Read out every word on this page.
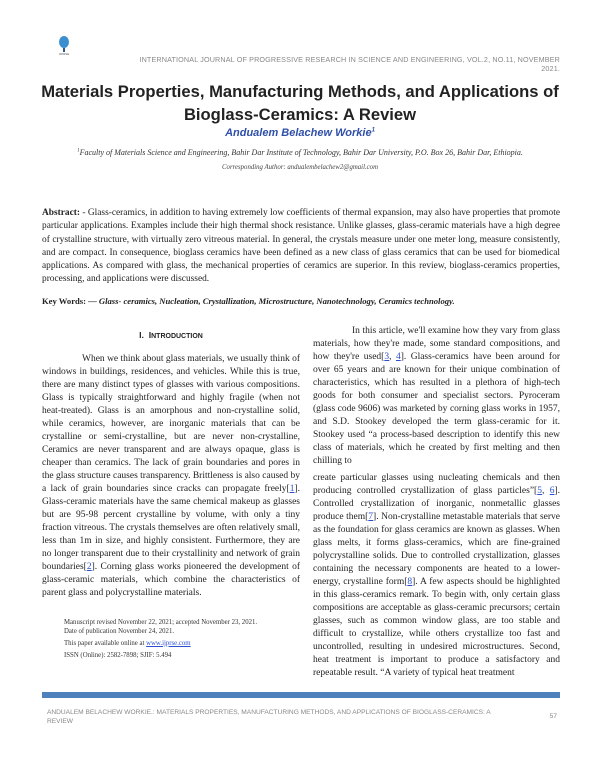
IJPRSE
INTERNATIONAL JOURNAL OF PROGRESSIVE RESEARCH IN SCIENCE AND ENGINEERING, VOL.2, NO.11, NOVEMBER 2021.
Materials Properties, Manufacturing Methods, and Applications of Bioglass-Ceramics: A Review
Andualem Belachew Workie$^1$
$^1$Faculty of Materials Science and Engineering, Bahir Dar Institute of Technology, Bahir Dar University, P.O. Box 26, Bahir Dar, Ethiopia.
Corresponding Author: andualembelachew2@gmail.com

Abstract: - Glass-ceramics, in addition to having extremely low coefficients of thermal expansion, may also have properties that promote particular applications. Examples include their high thermal shock resistance. Unlike glasses, glass-ceramic materials have a high degree of crystalline structure, with virtually zero vitreous material. In general, the crystals measure under one meter long, measure consistently, and are compact. In consequence, bioglass ceramics have been defined as a new class of glass ceramics that can be used for biomedical applications. As compared with glass, the mechanical properties of ceramics are superior. In this review, bioglass-ceramics properties, processing, and applications were discussed.

Key Words: — Glass- ceramics, Nucleation, Crystallization, Microstructure, Nanotechnology, Ceramics technology.

I. INTRODUCTION

When we think about glass materials, we usually think of windows in buildings, residences, and vehicles. While this is true, there are many distinct types of glasses with various compositions. Glass is typically straightforward and highly fragile (when not heat-treated). Glass is an amorphous and non-crystalline solid, while ceramics, however, are inorganic materials that can be crystalline or semi-crystalline, but are never non-crystalline, Ceramics are never transparent and are always opaque, glass is cheaper than ceramics. The lack of grain boundaries and pores in the glass structure causes transparency. Brittleness is also caused by a lack of grain boundaries since cracks can propagate freely[1]. Glass-ceramic materials have the same chemical makeup as glasses but are 95-98 percent crystalline by volume, with only a tiny fraction vitreous. The crystals themselves are often relatively small, less than 1m in size, and highly consistent. Furthermore, they are no longer transparent due to their crystallinity and network of grain boundaries[2]. Corning glass works pioneered the development of glass-ceramic materials, which combine the characteristics of parent glass and polycrystalline materials.

Manuscript revised November 22, 2021; accepted November 23, 2021. Date of publication November 24, 2021.
This paper available online at www.ijprse.com
ISSN (Online): 2582-7898; SJIF: 5.494

In this article, we'll examine how they vary from glass materials, how they're made, some standard compositions, and how they're used[3, 4]. Glass-ceramics have been around for over 65 years and are known for their unique combination of characteristics, which has resulted in a plethora of high-tech goods for both consumer and specialist sectors. Pyroceram (glass code 9606) was marketed by corning glass works in 1957, and S.D. Stookey developed the term glass-ceramic for it. Stookey used “a process-based description to identify this new class of materials, which he created by first melting and then chilling to

create particular glasses using nucleating chemicals and then producing controlled crystallization of glass particles”[5, 6]. Controlled crystallization of inorganic, nonmetallic glasses produce them[7]. Non-crystalline metastable materials that serve as the foundation for glass ceramics are known as glasses. When glass melts, it forms glass-ceramics, which are fine-grained polycrystalline solids. Due to controlled crystallization, glasses containing the necessary components are heated to a lower-energy, crystalline form[8]. A few aspects should be highlighted in this glass-ceramics remark. To begin with, only certain glass compositions are acceptable as glass-ceramic precursors; certain glasses, such as common window glass, are too stable and difficult to crystallize, while others crystallize too fast and uncontrolled, resulting in undesired microstructures. Second, heat treatment is important to produce a satisfactory and repeatable result. “A variety of typical heat treatment

ANDUALEM BELACHEW WORKIE.: MATERIALS PROPERTIES, MANUFACTURING METHODS, AND APPLICATIONS OF BIOGLASS-CERAMICS: A REVIEW
57
